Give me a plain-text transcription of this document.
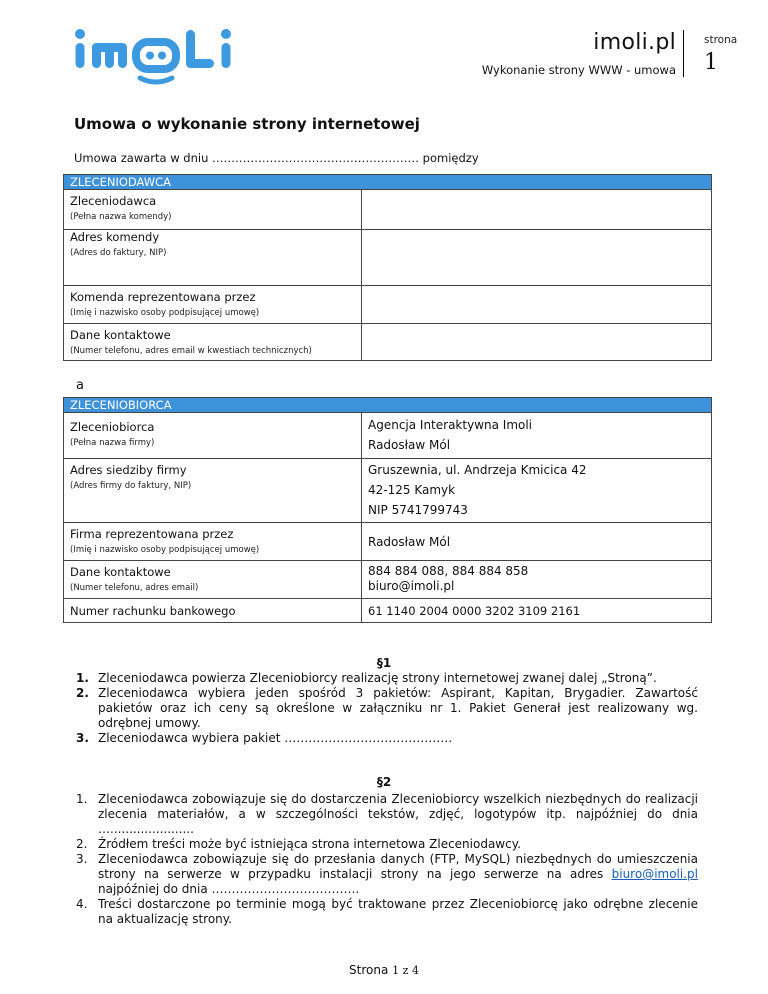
imoli.pl
Wykonanie strony WWW - umowa
strona
1
Umowa o wykonanie strony internetowej
Umowa zawarta w dniu ……………………………………………… pomiędzy
ZLECENIODAWCA	

Zleceniodawca
(Pełna nazwa komendy)	

Adres komendy
(Adres do faktury, NIP)	

Komenda reprezentowana przez
(Imię i nazwisko osoby podpisującej umowę)	

Dane kontaktowe
(Numer telefonu, adres email w kwestiach technicznych)	

a
ZLECENIOBIORCA	

Zleceniobiorca
(Pełna nazwa firmy)	Agencja Interaktywna Imoli
Radosław Mól

Adres siedziby firmy
(Adres firmy do faktury, NIP)	Gruszewnia, ul. Andrzeja Kmicica 42
42-125 Kamyk
NIP 5741799743

Firma reprezentowana przez
(Imię i nazwisko osoby podpisującej umowę)	Radosław Mól

Dane kontaktowe
(Numer telefonu, adres email)	884 884 088, 884 884 858
biuro@imoli.pl

Numer rachunku bankowego	61 1140 2004 0000 3202 3109 2161
§1
1. Zleceniodawca powierza Zleceniobiorcy realizację strony internetowej zwanej dalej „Stroną”.
2. Zleceniodawca wybiera jeden spośród 3 pakietów: Aspirant, Kapitan, Brygadier. Zawartość pakietów oraz ich ceny są określone w załączniku nr 1. Pakiet Generał jest realizowany wg. odrębnej umowy.
3. Zleceniodawca wybiera pakiet ……………………………………
§2
1. Zleceniodawca zobowiązuje się do dostarczenia Zleceniobiorcy wszelkich niezbędnych do realizacji zlecenia materiałów, a w szczególności tekstów, zdjęć, logotypów itp. najpóźniej do dnia …......................
2. Źródłem treści może być istniejąca strona internetowa Zleceniodawcy.
3. Zleceniodawca zobowiązuje się do przesłania danych (FTP, MySQL) niezbędnych do umieszczenia strony na serwerze w przypadku instalacji strony na jego serwerze na adres biuro@imoli.pl najpóźniej do dnia ……………………………….
4. Treści dostarczone po terminie mogą być traktowane przez Zleceniobiorcę jako odrębne zlecenie na aktualizację strony.
Strona 1 z 4
